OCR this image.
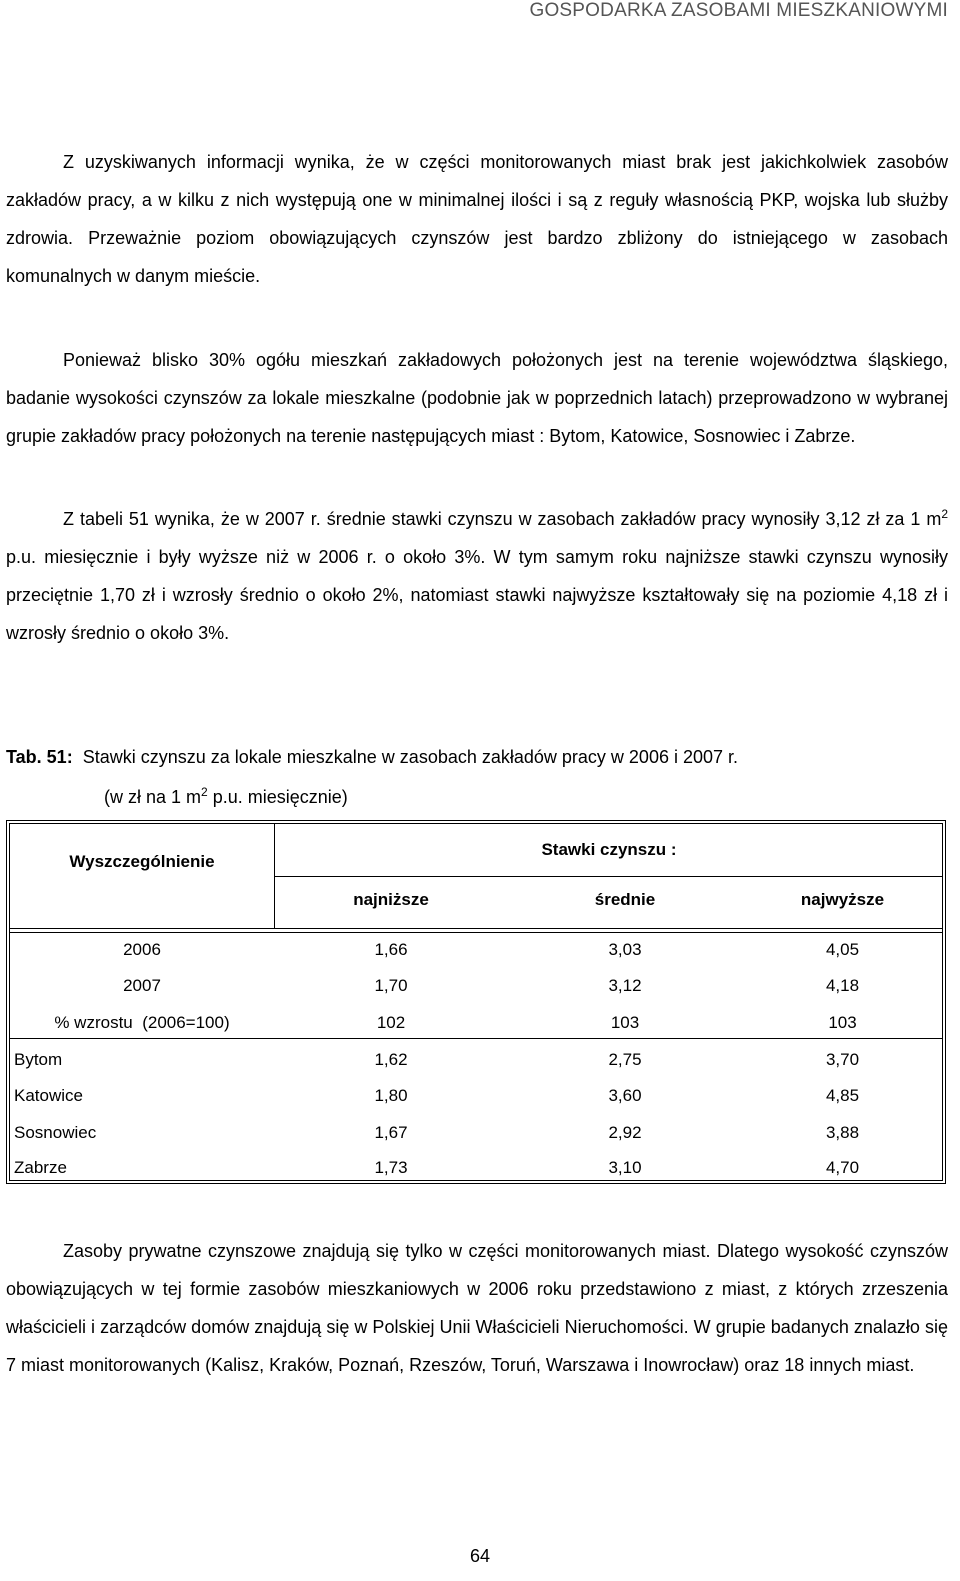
GOSPODARKA ZASOBAMI MIESZKANIOWYMI
Z uzyskiwanych informacji wynika, że w części monitorowanych miast brak jest jakichkolwiek zasobów zakładów pracy, a w kilku z nich występują one w minimalnej ilości i są z reguły własnością PKP, wojska lub służby zdrowia. Przeważnie poziom obowiązujących czynszów jest bardzo zbliżony do istniejącego w zasobach komunalnych w danym mieście.
Ponieważ blisko 30% ogółu mieszkań zakładowych położonych jest na terenie województwa śląskiego, badanie wysokości czynszów za lokale mieszkalne (podobnie jak w poprzednich latach) przeprowadzono w wybranej grupie zakładów pracy położonych na terenie następujących miast : Bytom, Katowice, Sosnowiec i Zabrze.
Z tabeli 51 wynika, że w 2007 r. średnie stawki czynszu w zasobach zakładów pracy wynosiły 3,12 zł za 1 $m^2$ p.u. miesięcznie i były wyższe niż w 2006 r. o około 3%. W tym samym roku najniższe stawki czynszu wynosiły przeciętnie 1,70 zł i wzrosły średnio o około 2%, natomiast stawki najwyższe kształtowały się na poziomie 4,18 zł i wzrosły średnio o około 3%.
Tab. 51: Stawki czynszu za lokale mieszkalne w zasobach zakładów pracy w 2006 i 2007 r.
(w zł na 1 $m^2$ p.u. miesięcznie)
Wyszczególnienie
Stawki czynszu :
najniższe	średnie	najwyższe
2006	1,66	3,03	4,05
2007	1,70	3,12	4,18
% wzrostu  (2006=100)	102	103	103
Bytom	1,62	2,75	3,70
Katowice	1,80	3,60	4,85
Sosnowiec	1,67	2,92	3,88
Zabrze	1,73	3,10	4,70
Zasoby prywatne czynszowe znajdują się tylko w części monitorowanych miast. Dlatego wysokość czynszów obowiązujących w tej formie zasobów mieszkaniowych w 2006 roku przedstawiono z miast, z których zrzeszenia właścicieli i zarządców domów znajdują się w Polskiej Unii Właścicieli Nieruchomości. W grupie badanych znalazło się 7 miast monitorowanych (Kalisz, Kraków, Poznań, Rzeszów, Toruń, Warszawa i Inowrocław) oraz 18 innych miast.
64
